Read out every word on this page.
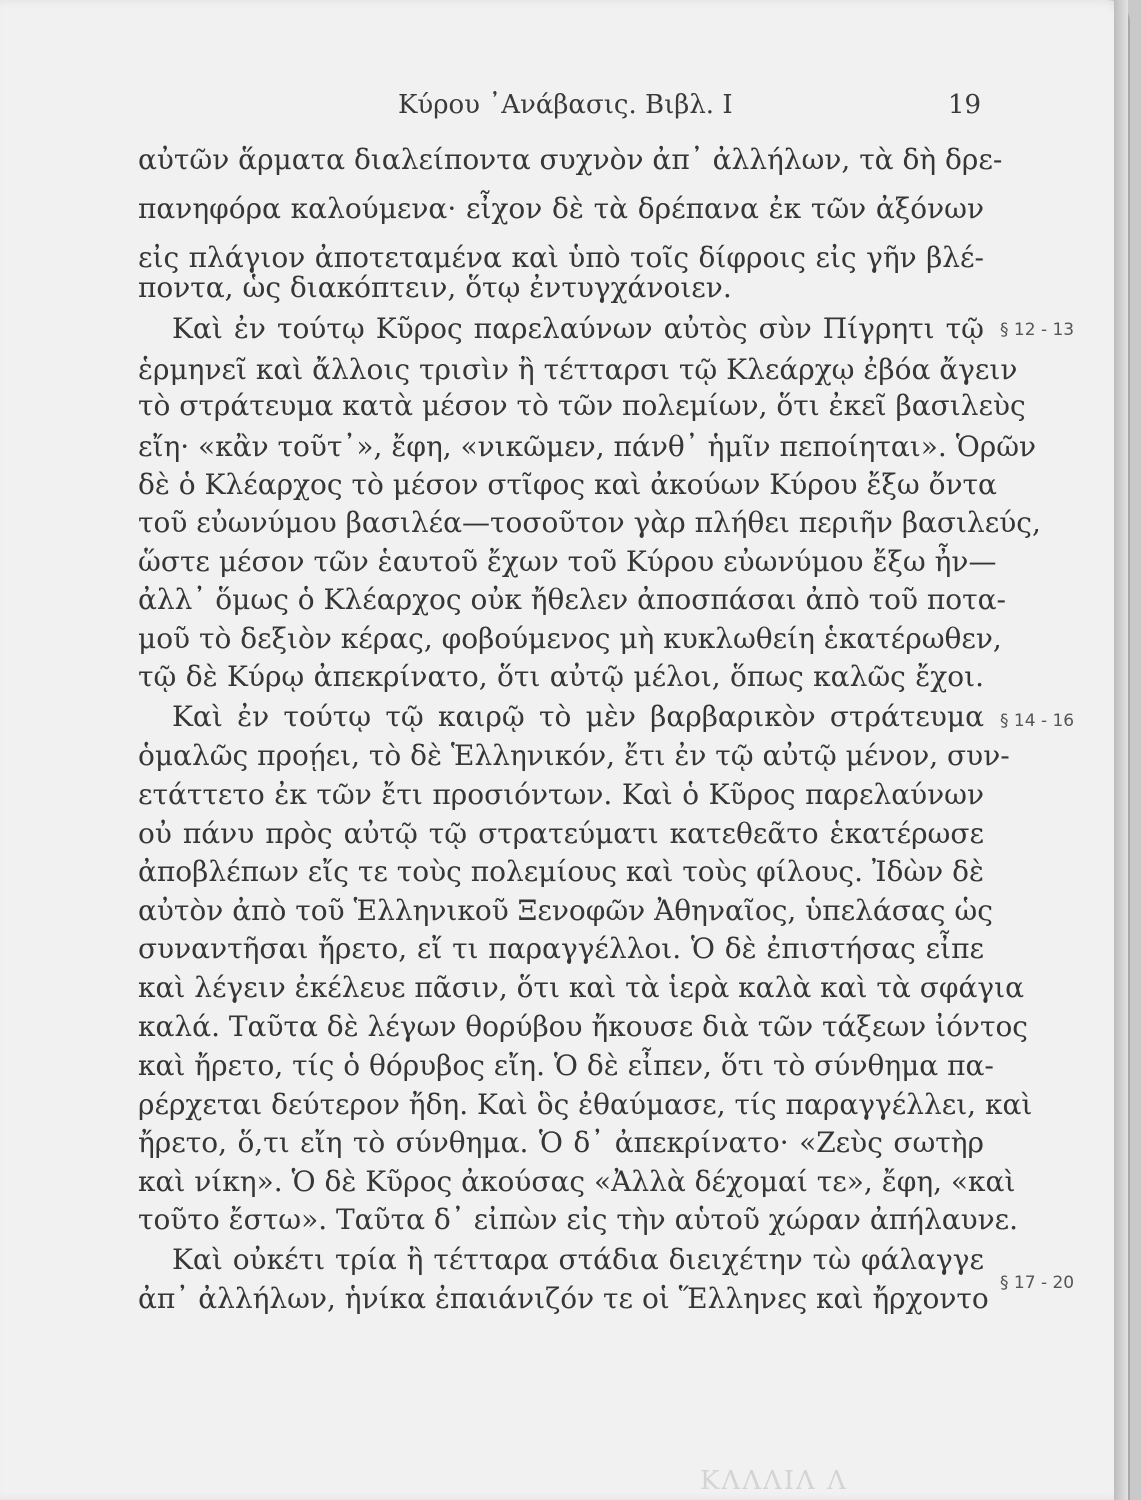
Κύρου ᾿Ανάβασις. Βιβλ. Ι	19
αὐτῶν ἅρματα διαλείποντα συχνὸν ἀπ᾿ ἀλλήλων, τὰ δὴ δρε-
πανηφόρα καλούμενα· εἶχον δὲ τὰ δρέπανα ἐκ τῶν ἀξόνων
εἰς πλάγιον ἀποτεταμένα καὶ ὑπὸ τοῖς δίφροις εἰς γῆν βλέ-
ποντα, ὡς διακόπτειν, ὅτῳ ἐντυγχάνοιεν.
Καὶ ἐν τούτῳ Κῦρος παρελαύνων αὐτὸς σὺν Πίγρητι τῷ § 12 - 13
ἑρμηνεῖ καὶ ἄλλοις τρισὶν ἢ τέτταρσι τῷ Κλεάρχῳ ἐβόα ἄγειν
τὸ στράτευμα κατὰ μέσον τὸ τῶν πολεμίων, ὅτι ἐκεῖ βασιλεὺς
εἴη· «κἂν τοῦτ᾿», ἔφη, «νικῶμεν, πάνθ᾿ ἡμῖν πεποίηται». Ὁρῶν
δὲ ὁ Κλέαρχος τὸ μέσον στῖφος καὶ ἀκούων Κύρου ἔξω ὄντα
τοῦ εὐωνύμου βασιλέα—τοσοῦτον γὰρ πλήθει περιῆν βασιλεύς,
ὥστε μέσον τῶν ἑαυτοῦ ἔχων τοῦ Κύρου εὐωνύμου ἔξω ἦν—
ἀλλ᾿ ὅμως ὁ Κλέαρχος οὐκ ἤθελεν ἀποσπάσαι ἀπὸ τοῦ ποτα-
μοῦ τὸ δεξιὸν κέρας, φοβούμενος μὴ κυκλωθείη ἑκατέρωθεν,
τῷ δὲ Κύρῳ ἀπεκρίνατο, ὅτι αὐτῷ μέλοι, ὅπως καλῶς ἔχοι.
Καὶ ἐν τούτῳ τῷ καιρῷ τὸ μὲν βαρβαρικὸν στράτευμα § 14 - 16
ὁμαλῶς προῄει, τὸ δὲ Ἑλληνικόν, ἔτι ἐν τῷ αὐτῷ μένον, συν-
ετάττετο ἐκ τῶν ἔτι προσιόντων. Καὶ ὁ Κῦρος παρελαύνων
οὐ πάνυ πρὸς αὐτῷ τῷ στρατεύματι κατεθεᾶτο ἑκατέρωσε
ἀποβλέπων εἴς τε τοὺς πολεμίους καὶ τοὺς φίλους. Ἰδὼν δὲ
αὐτὸν ἀπὸ τοῦ Ἑλληνικοῦ Ξενοφῶν Ἀθηναῖος, ὑπελάσας ὡς
συναντῆσαι ἤρετο, εἴ τι παραγγέλλοι. Ὁ δὲ ἐπιστήσας εἶπε
καὶ λέγειν ἐκέλευε πᾶσιν, ὅτι καὶ τὰ ἱερὰ καλὰ καὶ τὰ σφάγια
καλά. Ταῦτα δὲ λέγων θορύβου ἤκουσε διὰ τῶν τάξεων ἰόντος
καὶ ἤρετο, τίς ὁ θόρυβος εἴη. Ὁ δὲ εἶπεν, ὅτι τὸ σύνθημα πα-
ρέρχεται δεύτερον ἤδη. Καὶ ὃς ἐθαύμασε, τίς παραγγέλλει, καὶ
ἤρετο, ὅ,τι εἴη τὸ σύνθημα. Ὁ δ᾿ ἀπεκρίνατο· «Ζεὺς σωτὴρ
καὶ νίκη». Ὁ δὲ Κῦρος ἀκούσας «Ἀλλὰ δέχομαί τε», ἔφη, «καὶ
τοῦτο ἔστω». Ταῦτα δ᾿ εἰπὼν εἰς τὴν αὑτοῦ χώραν ἀπήλαυνε.
Καὶ οὐκέτι τρία ἢ τέτταρα στάδια διειχέτην τὼ φάλαγγε
§ 17 - 20
ἀπ᾿ ἀλλήλων, ἡνίκα ἐπαιάνιζόν τε οἱ Ἕλληνες καὶ ἤρχοντο
ΚΛΛΛΙΛ Λ
